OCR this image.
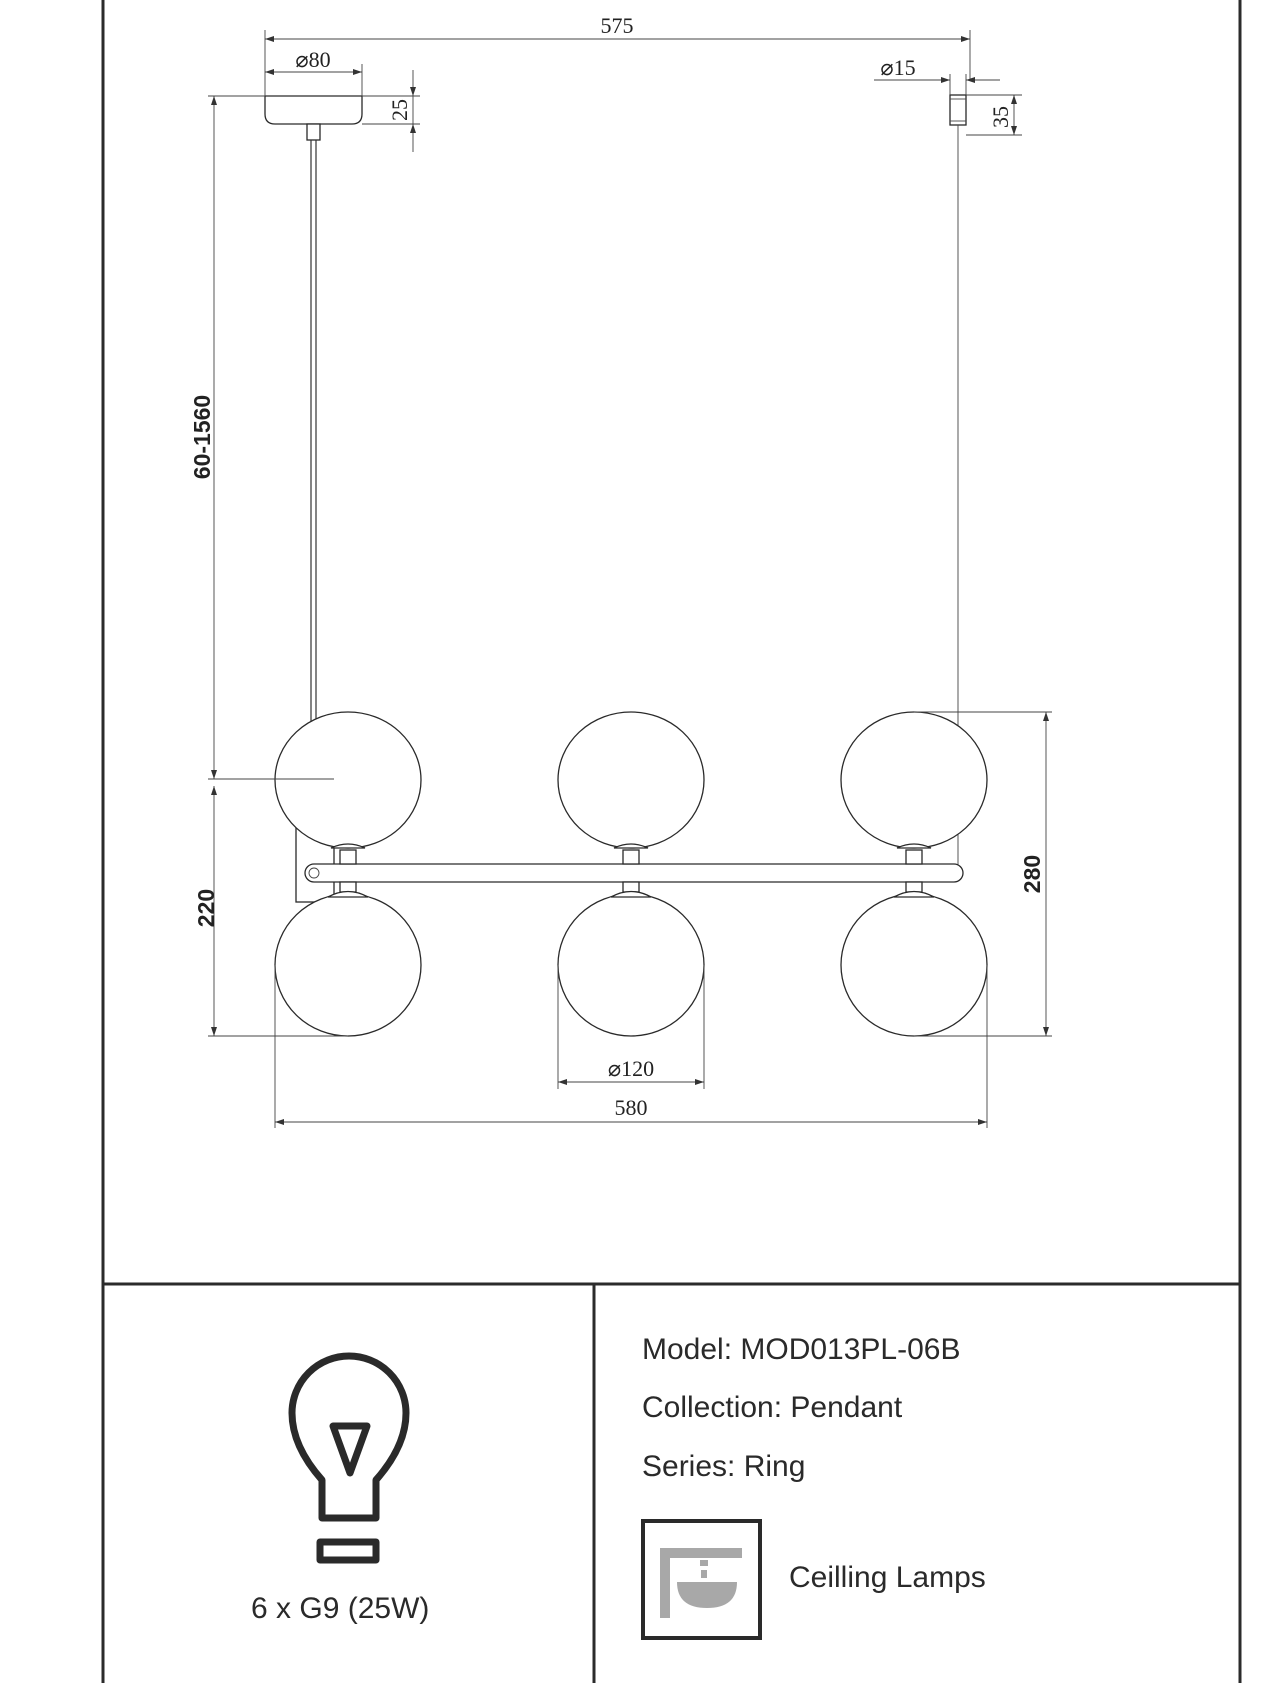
575
⌀80
25
⌀15
35
60-1560
220
280
⌀120
580
6 x G9 (25W)
Model: MOD013PL-06B
Collection: Pendant
Series: Ring
Ceilling Lamps
